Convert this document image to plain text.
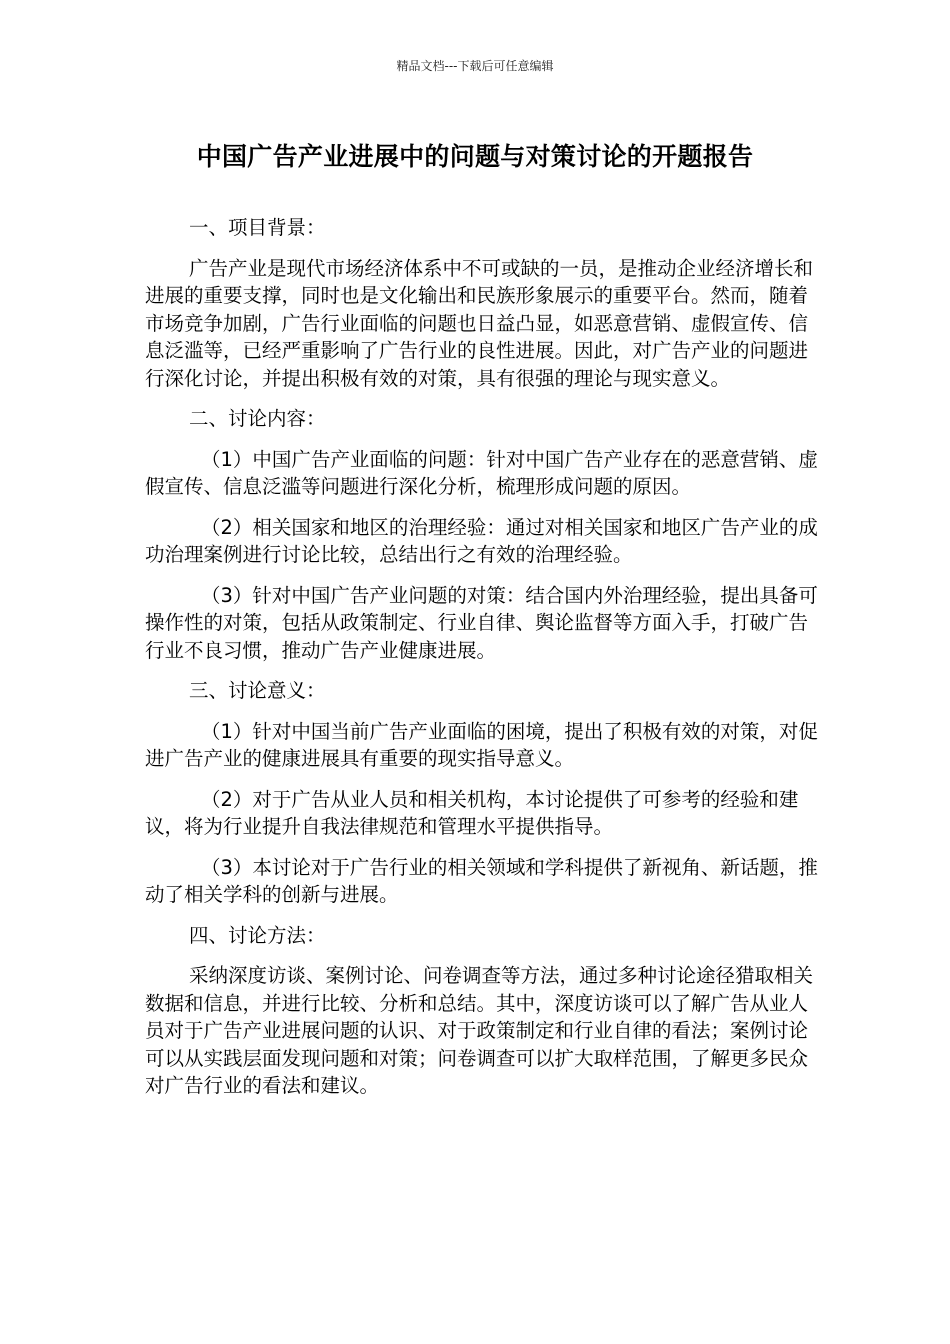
精品文档---下载后可任意编辑
中国广告产业进展中的问题与对策讨论的开题报告

一、项目背景：

广告产业是现代市场经济体系中不可或缺的一员，是推动企业经济增长和进展的重要支撑，同时也是文化输出和民族形象展示的重要平台。然而，随着市场竞争加剧，广告行业面临的问题也日益凸显，如恶意营销、虚假宣传、信息泛滥等，已经严重影响了广告行业的良性进展。因此，对广告产业的问题进行深化讨论，并提出积极有效的对策，具有很强的理论与现实意义。

二、讨论内容：

（1）中国广告产业面临的问题：针对中国广告产业存在的恶意营销、虚假宣传、信息泛滥等问题进行深化分析，梳理形成问题的原因。

（2）相关国家和地区的治理经验：通过对相关国家和地区广告产业的成功治理案例进行讨论比较，总结出行之有效的治理经验。

（3）针对中国广告产业问题的对策：结合国内外治理经验，提出具备可操作性的对策，包括从政策制定、行业自律、舆论监督等方面入手，打破广告行业不良习惯，推动广告产业健康进展。

三、讨论意义：

（1）针对中国当前广告产业面临的困境，提出了积极有效的对策，对促进广告产业的健康进展具有重要的现实指导意义。

（2）对于广告从业人员和相关机构，本讨论提供了可参考的经验和建议，将为行业提升自我法律规范和管理水平提供指导。

（3）本讨论对于广告行业的相关领域和学科提供了新视角、新话题，推动了相关学科的创新与进展。

四、讨论方法：

采纳深度访谈、案例讨论、问卷调查等方法，通过多种讨论途径猎取相关数据和信息，并进行比较、分析和总结。其中，深度访谈可以了解广告从业人员对于广告产业进展问题的认识、对于政策制定和行业自律的看法；案例讨论可以从实践层面发现问题和对策；问卷调查可以扩大取样范围，了解更多民众对广告行业的看法和建议。
